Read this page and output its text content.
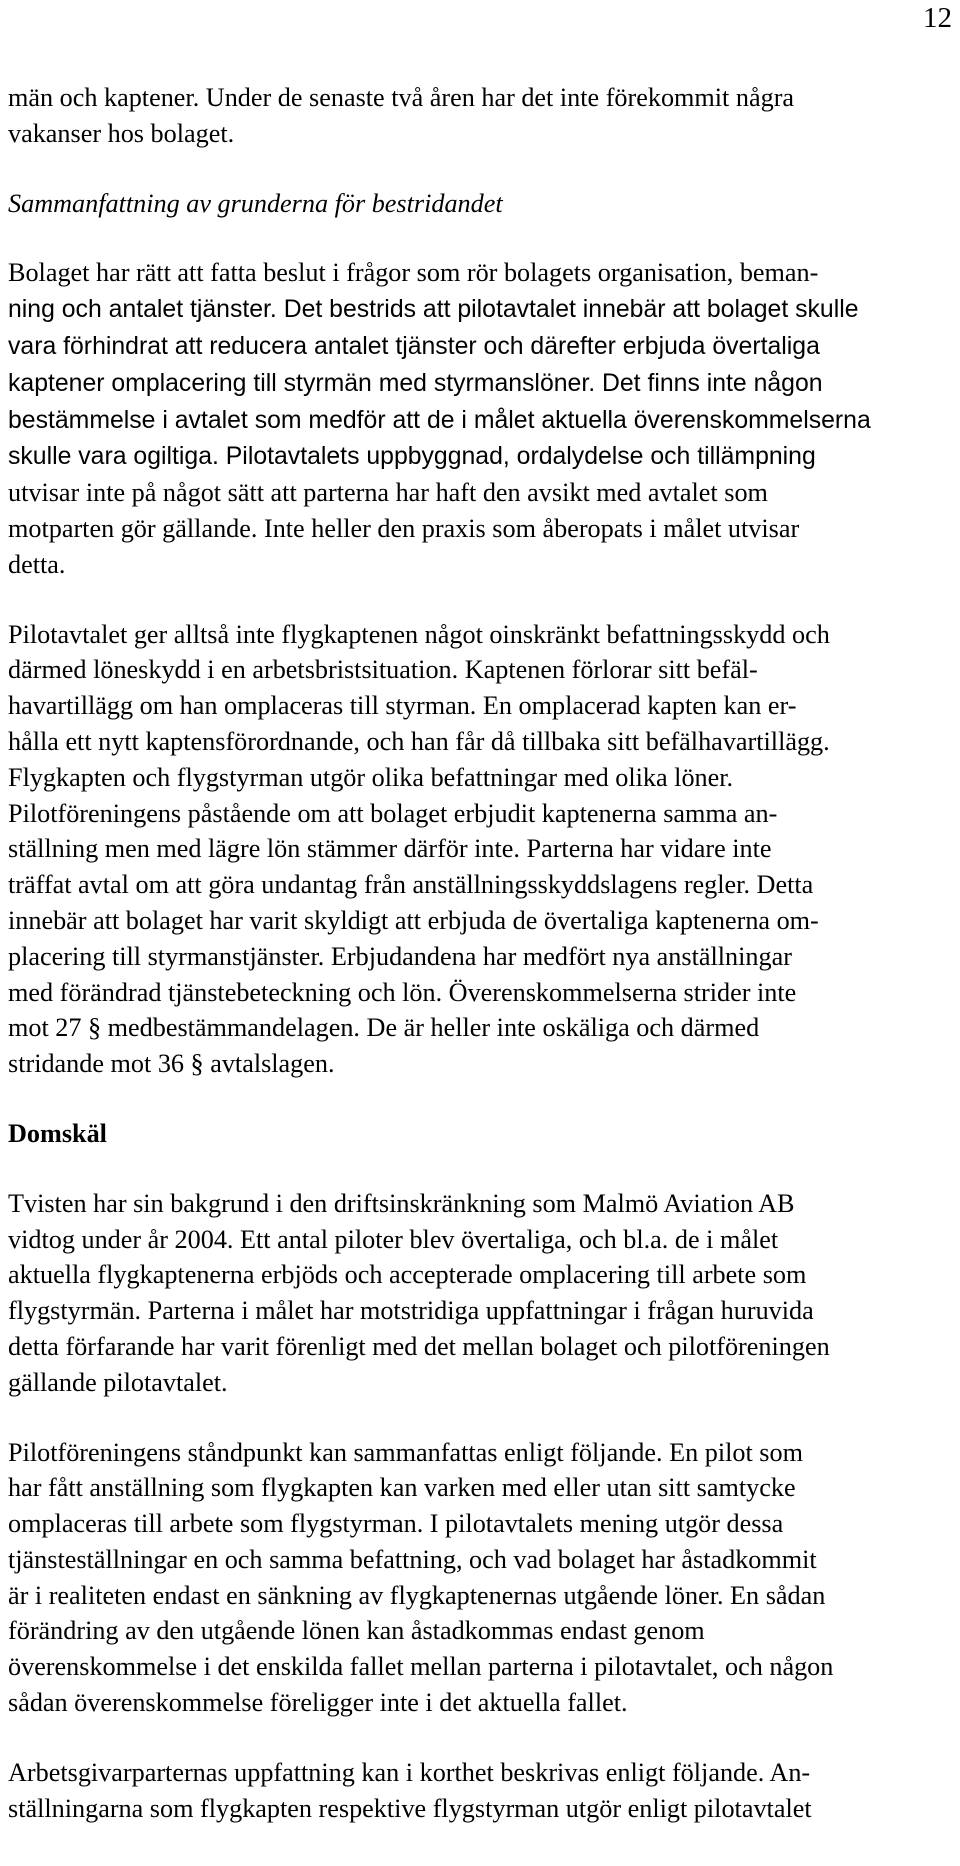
12

män och kaptener. Under de senaste två åren har det inte förekommit några
vakanser hos bolaget.

Sammanfattning av grunderna för bestridandet

Bolaget har rätt att fatta beslut i frågor som rör bolagets organisation, beman-
ning och antalet tjänster. Det bestrids att pilotavtalet innebär att bolaget skulle
vara förhindrat att reducera antalet tjänster och därefter erbjuda övertaliga
kaptener omplacering till styrmän med styrmanslöner. Det finns inte någon
bestämmelse i avtalet som medför att de i målet aktuella överenskommelserna
skulle vara ogiltiga. Pilotavtalets uppbyggnad, ordalydelse och tillämpning
utvisar inte på något sätt att parterna har haft den avsikt med avtalet som
motparten gör gällande. Inte heller den praxis som åberopats i målet utvisar
detta.

Pilotavtalet ger alltså inte flygkaptenen något oinskränkt befattningsskydd och
därmed löneskydd i en arbetsbristsituation. Kaptenen förlorar sitt befäl-
havartillägg om han omplaceras till styrman. En omplacerad kapten kan er-
hålla ett nytt kaptensförordnande, och han får då tillbaka sitt befälhavartillägg.
Flygkapten och flygstyrman utgör olika befattningar med olika löner.
Pilotföreningens påstående om att bolaget erbjudit kaptenerna samma an-
ställning men med lägre lön stämmer därför inte. Parterna har vidare inte
träffat avtal om att göra undantag från anställningsskyddslagens regler. Detta
innebär att bolaget har varit skyldigt att erbjuda de övertaliga kaptenerna om-
placering till styrmanstjänster. Erbjudandena har medfört nya anställningar
med förändrad tjänstebeteckning och lön. Överenskommelserna strider inte
mot 27 § medbestämmandelagen. De är heller inte oskäliga och därmed
stridande mot 36 § avtalslagen.

Domskäl

Tvisten har sin bakgrund i den driftsinskränkning som Malmö Aviation AB
vidtog under år 2004. Ett antal piloter blev övertaliga, och bl.a. de i målet
aktuella flygkaptenerna erbjöds och accepterade omplacering till arbete som
flygstyrmän. Parterna i målet har motstridiga uppfattningar i frågan huruvida
detta förfarande har varit förenligt med det mellan bolaget och pilotföreningen
gällande pilotavtalet.

Pilotföreningens ståndpunkt kan sammanfattas enligt följande. En pilot som
har fått anställning som flygkapten kan varken med eller utan sitt samtycke
omplaceras till arbete som flygstyrman. I pilotavtalets mening utgör dessa
tjänsteställningar en och samma befattning, och vad bolaget har åstadkommit
är i realiteten endast en sänkning av flygkaptenernas utgående löner. En sådan
förändring av den utgående lönen kan åstadkommas endast genom
överenskommelse i det enskilda fallet mellan parterna i pilotavtalet, och någon
sådan överenskommelse föreligger inte i det aktuella fallet.

Arbetsgivarparternas uppfattning kan i korthet beskrivas enligt följande. An-
ställningarna som flygkapten respektive flygstyrman utgör enligt pilotavtalet
